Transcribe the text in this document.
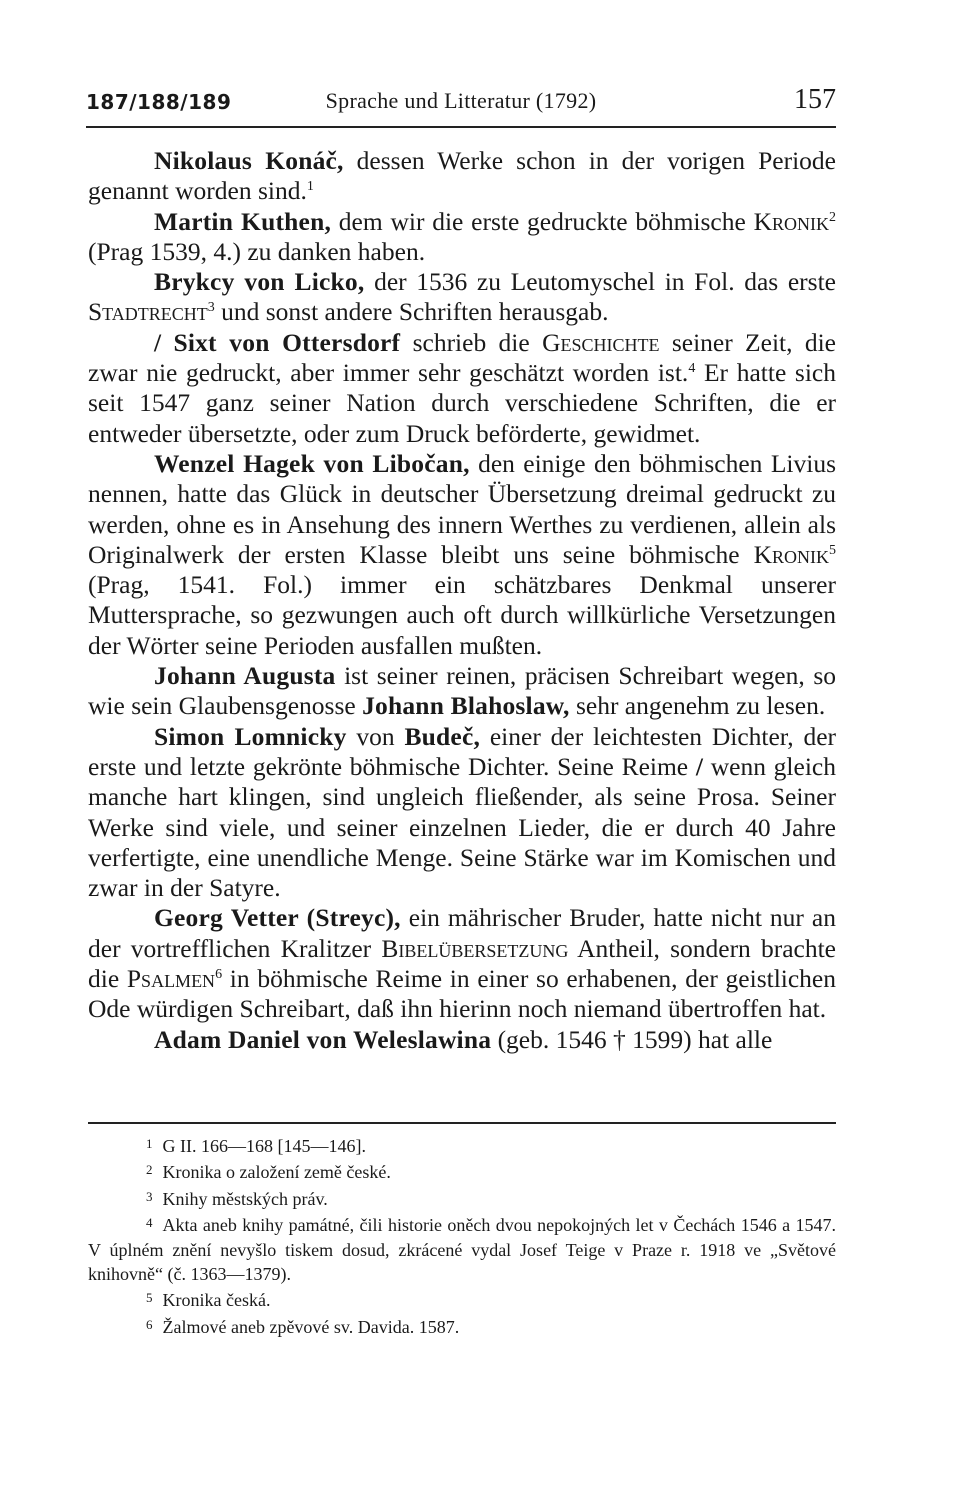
187/188/189	Sprache und Litteratur (1792)	157

Nikolaus Konáč, dessen Werke schon in der vorigen Periode genannt worden sind.$^1$

Martin Kuthen, dem wir die erste gedruckte böhmische Kronik$^2$ (Prag 1539, 4.) zu danken haben.

Brykcy von Licko, der 1536 zu Leutomyschel in Fol. das erste Stadtrecht$^3$ und sonst andere Schriften herausgab.

/ Sixt von Ottersdorf schrieb die Geschichte seiner Zeit, die zwar nie gedruckt, aber immer sehr geschätzt worden ist.$^4$ Er hatte sich seit 1547 ganz seiner Nation durch verschiedene Schriften, die er entweder übersetzte, oder zum Druck beförderte, gewidmet.

Wenzel Hagek von Libočan, den einige den böhmischen Livius nennen, hatte das Glück in deutscher Übersetzung dreimal gedruckt zu werden, ohne es in Ansehung des innern Werthes zu verdienen, allein als Originalwerk der ersten Klasse bleibt uns seine böhmische Kronik$^5$ (Prag, 1541. Fol.) immer ein schätzbares Denkmal unserer Muttersprache, so gezwungen auch oft durch willkürliche Versetzungen der Wörter seine Perioden ausfallen mußten.

Johann Augusta ist seiner reinen, präcisen Schreibart wegen, so wie sein Glaubensgenosse Johann Blahoslaw, sehr angenehm zu lesen.

Simon Lomnicky von Budeč, einer der leichtesten Dichter, der erste und letzte gekrönte böhmische Dichter. Seine Reime / wenn gleich manche hart klingen, sind ungleich fließender, als seine Prosa. Seiner Werke sind viele, und seiner einzelnen Lieder, die er durch 40 Jahre verfertigte, eine unendliche Menge. Seine Stärke war im Komischen und zwar in der Satyre.

Georg Vetter (Streyc), ein mährischer Bruder, hatte nicht nur an der vortrefflichen Kralitzer Bibelübersetzung Antheil, sondern brachte die Psalmen$^6$ in böhmische Reime in einer so erhabenen, der geistlichen Ode würdigen Schreibart, daß ihn hierinn noch niemand übertroffen hat.

Adam Daniel von Weleslawina (geb. 1546 † 1599) hat alle

$^1$ G II. 166—168 [145—146].

$^2$ Kronika o založení země české.

$^3$ Knihy městských práv.

$^4$ Akta aneb knihy památné, čili historie oněch dvou nepokojných let v Čechách 1546 a 1547. V úplném znění nevyšlo tiskem dosud, zkrácené vydal Josef Teige v Praze r. 1918 ve „Světové knihovně“ (č. 1363—1379).

$^5$ Kronika česká.

$^6$ Žalmové aneb zpěvové sv. Davida. 1587.
